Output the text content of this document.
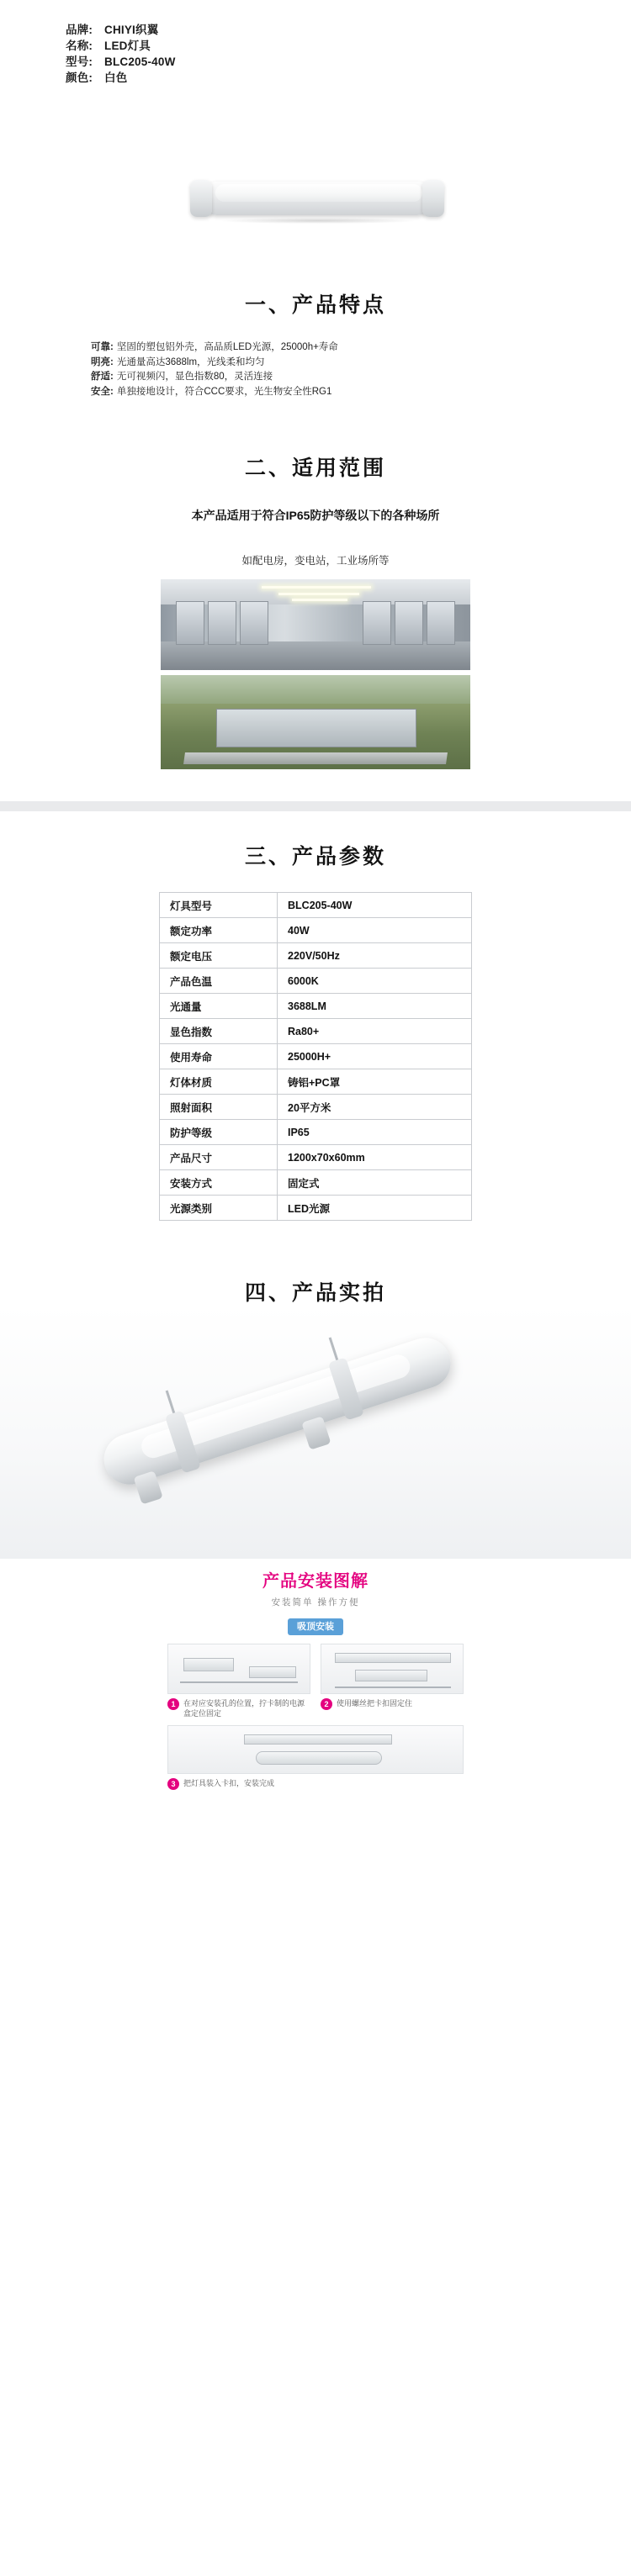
品牌: CHIYI织翼
名称: LED灯具
型号: BLC205-40W
颜色: 白色
一、产品特点
可靠: 坚固的塑包铝外壳，高品质LED光源，25000h+寿命
明亮: 光通量高达3688lm，光线柔和均匀
舒适: 无可视频闪，显色指数80，灵活连接
安全: 单独接地设计，符合CCC要求，光生物安全性RG1
二、适用范围
本产品适用于符合IP65防护等级以下的各种场所
如配电房，变电站，工业场所等
三、产品参数
灯具型号	BLC205-40W
额定功率	40W
额定电压	220V/50Hz
产品色温	6000K
光通量	3688LM
显色指数	Ra80+
使用寿命	25000H+
灯体材质	铸铝+PC罩
照射面积	20平方米
防护等级	IP65
产品尺寸	1200x70x60mm
安装方式	固定式
光源类别	LED光源
四、产品实拍
产品安装图解
安装简单 操作方便
吸顶安装
1	在对应安装孔的位置，拧卡制的电源盒定位固定
2	使用螺丝把卡扣固定住
3	把灯具装入卡扣，安装完成
